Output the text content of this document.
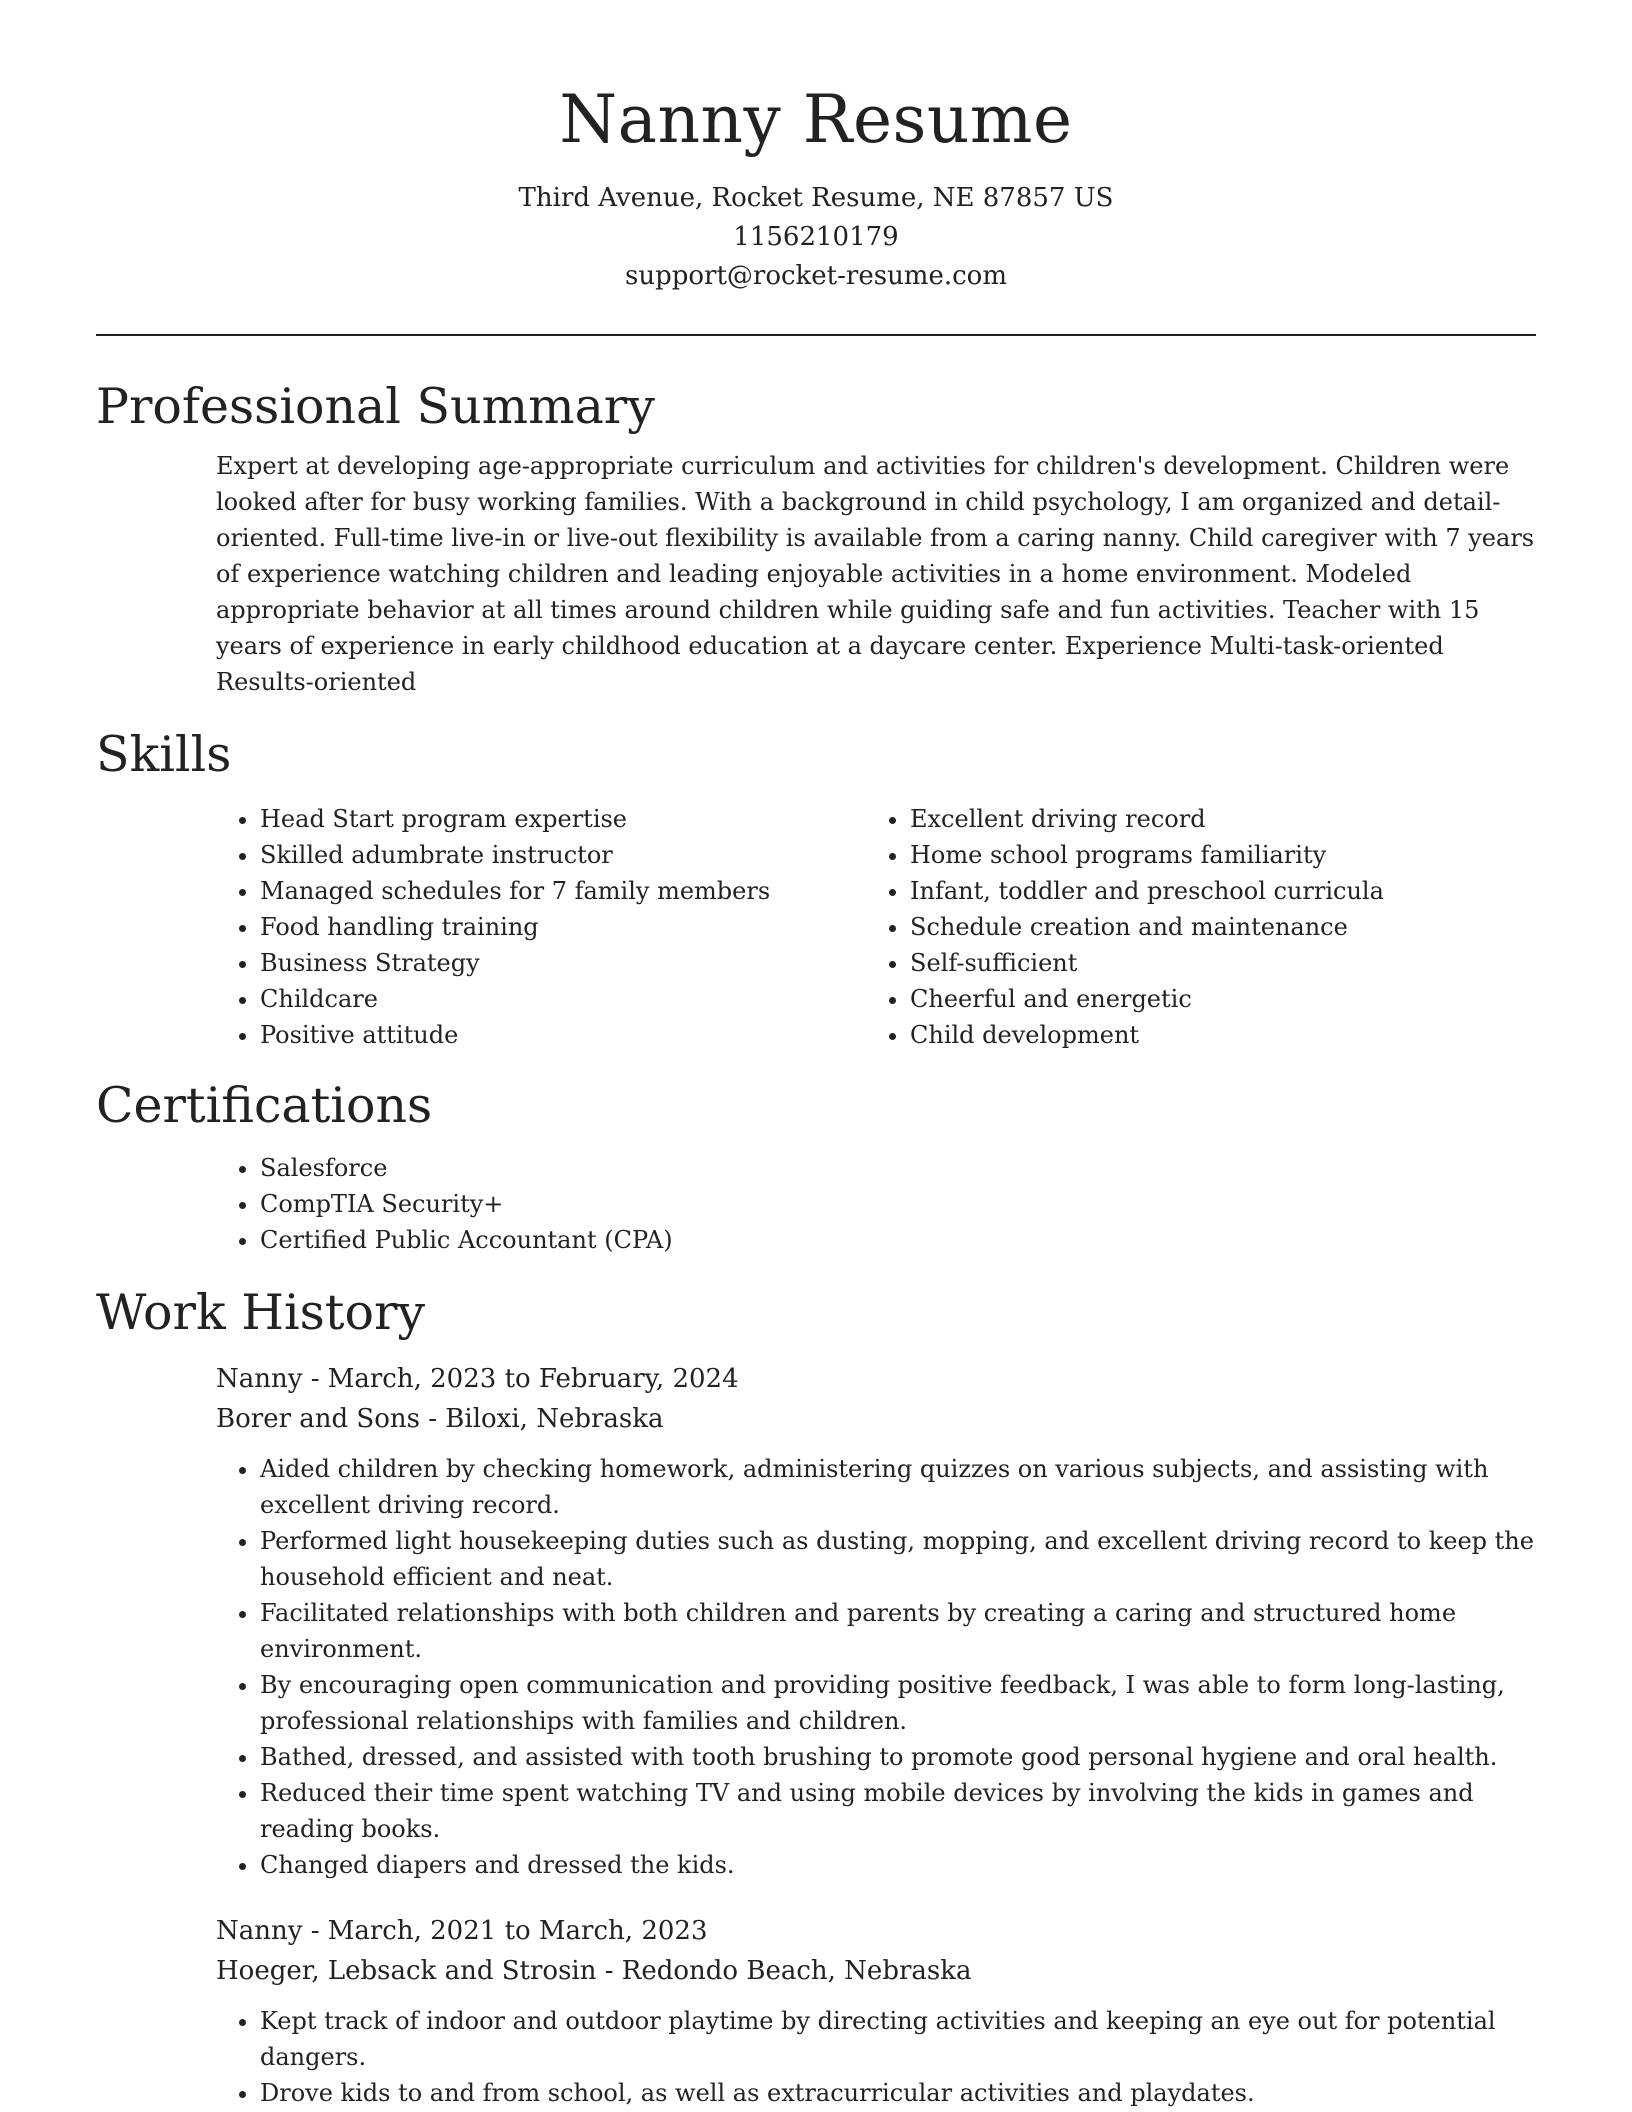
Nanny Resume

Third Avenue, Rocket Resume, NE 87857 US

1156210179

support@rocket-resume.com

Professional Summary

Expert at developing age-appropriate curriculum and activities for children's development. Children were looked after for busy working families. With a background in child psychology, I am organized and detail-oriented. Full-time live-in or live-out flexibility is available from a caring nanny. Child caregiver with 7 years of experience watching children and leading enjoyable activities in a home environment. Modeled appropriate behavior at all times around children while guiding safe and fun activities. Teacher with 15 years of experience in early childhood education at a daycare center. Experience Multi-task-oriented Results-oriented

Skills
• Head Start program expertise
• Skilled adumbrate instructor
• Managed schedules for 7 family members
• Food handling training
• Business Strategy
• Childcare
• Positive attitude
• Excellent driving record
• Home school programs familiarity
• Infant, toddler and preschool curricula
• Schedule creation and maintenance
• Self-sufficient
• Cheerful and energetic
• Child development
Certifications
• Salesforce
• CompTIA Security+
• Certified Public Accountant (CPA)
Work History

Nanny - March, 2023 to February, 2024

Borer and Sons - Biloxi, Nebraska

• Aided children by checking homework, administering quizzes on various subjects, and assisting with excellent driving record.
• Performed light housekeeping duties such as dusting, mopping, and excellent driving record to keep the household efficient and neat.
• Facilitated relationships with both children and parents by creating a caring and structured home environment.
• By encouraging open communication and providing positive feedback, I was able to form long-lasting, professional relationships with families and children.
• Bathed, dressed, and assisted with tooth brushing to promote good personal hygiene and oral health.
• Reduced their time spent watching TV and using mobile devices by involving the kids in games and reading books.
• Changed diapers and dressed the kids.

Nanny - March, 2021 to March, 2023

Hoeger, Lebsack and Strosin - Redondo Beach, Nebraska

• Kept track of indoor and outdoor playtime by directing activities and keeping an eye out for potential dangers.
• Drove kids to and from school, as well as extracurricular activities and playdates.
